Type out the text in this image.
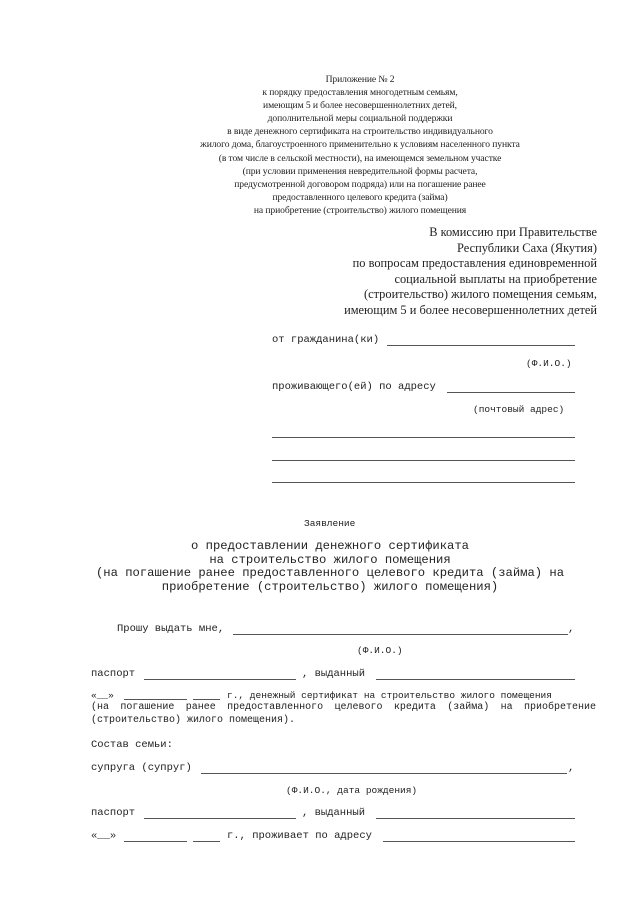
Приложение № 2
к порядку предоставления многодетным семьям,
имеющим 5 и более несовершеннолетних детей,
дополнительной меры социальной поддержки
в виде денежного сертификата на строительство индивидуального
жилого дома, благоустроенного применительно к условиям населенного пункта
(в том числе в сельской местности), на имеющемся земельном участке
(при условии применения невредительной формы расчета,
предусмотренной договором подряда) или на погашение ранее
предоставленного целевого кредита (займа)
на приобретение (строительство) жилого помещения
В комиссию при Правительстве
Республики Саха (Якутия)
по вопросам предоставления единовременной
социальной выплаты на приобретение
(строительство) жилого помещения семьям,
имеющим 5 и более несовершеннолетних детей
от гражданина(ки)
(Ф.И.О.)
проживающего(ей) по адресу
(почтовый адрес)
Заявление
о предоставлении денежного сертификата
на строительство жилого помещения
(на погашение ранее предоставленного целевого кредита (займа) на
приобретение (строительство) жилого помещения)
Прошу выдать мне,	,
(Ф.И.О.)
паспорт	, выданный
«__»	г., денежный сертификат на строительство жилого помещения
(на погашение ранее предоставленного целевого кредита (займа) на приобретение (строительство) жилого помещения).
Состав семьи:
супруга (супруг)	,
(Ф.И.О., дата рождения)
паспорт	, выданный
«__»	г., проживает по адресу
